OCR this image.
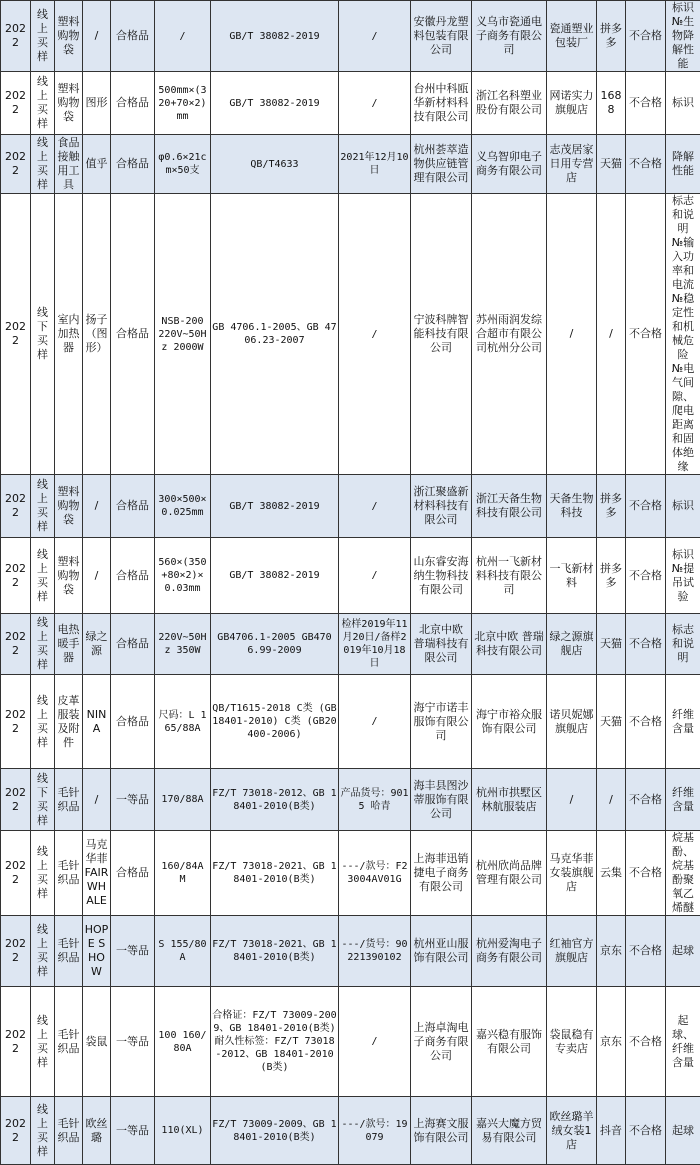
2022	线上买样	塑料购物袋	/	合格品	/	GB/T 38082-2019	/	安徽丹龙塑料包装有限公司	义乌市瓷通电子商务有限公司	瓷通塑业包装厂	拼多多	不合格	标识№生物降解性能
2022	线上买样	塑料购物袋	图形	合格品	500mm×(320+70×2)mm	GB/T 38082-2019	/	台州中科瓯华新材料科技有限公司	浙江名科塑业股份有限公司	网诺实力旗舰店	1688	不合格	标识
2022	线上买样	食品接触用工具	值乎	合格品	φ0.6×21cm×50支	QB/T4633	2021年12月10日	杭州荟萃造物供应链管理有限公司	义乌智卯电子商务有限公司	志茂居家日用专营店	天猫	不合格	降解性能
2022	线下买样	室内加热器	扬子（图形）	合格品	NSB-200 220V~50Hz 2000W	GB 4706.1-2005、GB 4706.23-2007	/	宁波科牌智能科技有限公司	苏州雨润发综合超市有限公司杭州分公司	/	/	不合格	标志和说明№输入功率和电流№稳定性和机械危险№电气间隙、爬电距离和固体绝缘
2022	线上买样	塑料购物袋	/	合格品	300×500×0.025mm	GB/T 38082-2019	/	浙江聚盛新材料科技有限公司	浙江天备生物科技有限公司	天备生物科技	拼多多	不合格	标识
2022	线上买样	塑料购物袋	/	合格品	560×(350+80×2)×0.03mm	GB/T 38082-2019	/	山东睿安海纳生物科技有限公司	杭州一飞新材料科技有限公司	一飞新材料	拼多多	不合格	标识№提吊试验
2022	线上买样	电热暖手器	绿之源	合格品	220V~50Hz 350W	GB4706.1-2005 GB4706.99-2009	检样2019年11月20日/备样2019年10月18日	北京中欧 普瑞科技有限公司	北京中欧 普瑞科技有限公司	绿之源旗舰店	天猫	不合格	标志和说明
2022	线上买样	皮革服装及附件	NINA	合格品	尺码：L 165/88A	QB/T1615-2018 C类 (GB18401-2010) C类 (GB20400-2006)	/	海宁市诺丰服饰有限公司	海宁市裕众服饰有限公司	诺贝妮娜旗舰店	天猫	不合格	纤维含量
2022	线下买样	毛针织品	/	一等品	170/88A	FZ/T 73018-2012、GB 18401-2010(B类)	产品货号：9015 哈青	海丰县图沙蒂服饰有限公司	杭州市拱墅区林航服装店	/	/	不合格	纤维含量
2022	线上买样	毛针织品	马克华菲FAIR WHALE	合格品	160/84A M	FZ/T 73018-2021、GB 18401-2010(B类)	---/款号：F23004AV01G	上海菲迅销捷电子商务有限公司	杭州欣尚品牌管理有限公司	马克华菲女装旗舰店	云集	不合格	烷基酚、烷基酚聚氧乙烯醚
2022	线上买样	毛针织品	HOPE SHOW	一等品	S 155/80A	FZ/T 73018-2021、GB 18401-2010(B类)	---/货号：90221390102	杭州亚山服饰有限公司	杭州爱淘电子商务有限公司	红袖官方旗舰店	京东	不合格	起球
2022	线上买样	毛针织品	袋鼠	一等品	100 160/80A	合格证：FZ/T 73009-2009、GB 18401-2010(B类) 耐久性标签：FZ/T 73018-2012、GB 18401-2010(B类)	/	上海卓淘电子商务有限公司	嘉兴稳有服饰有限公司	袋鼠稳有专卖店	京东	不合格	起球、纤维含量
2022	线上买样	毛针织品	欧丝璐	一等品	110(XL)	FZ/T 73009-2009、GB 18401-2010(B类)	---/款号：19079	上海赛文服饰有限公司	嘉兴大魔方贸易有限公司	欧丝璐羊绒女装1店	抖音	不合格	起球
